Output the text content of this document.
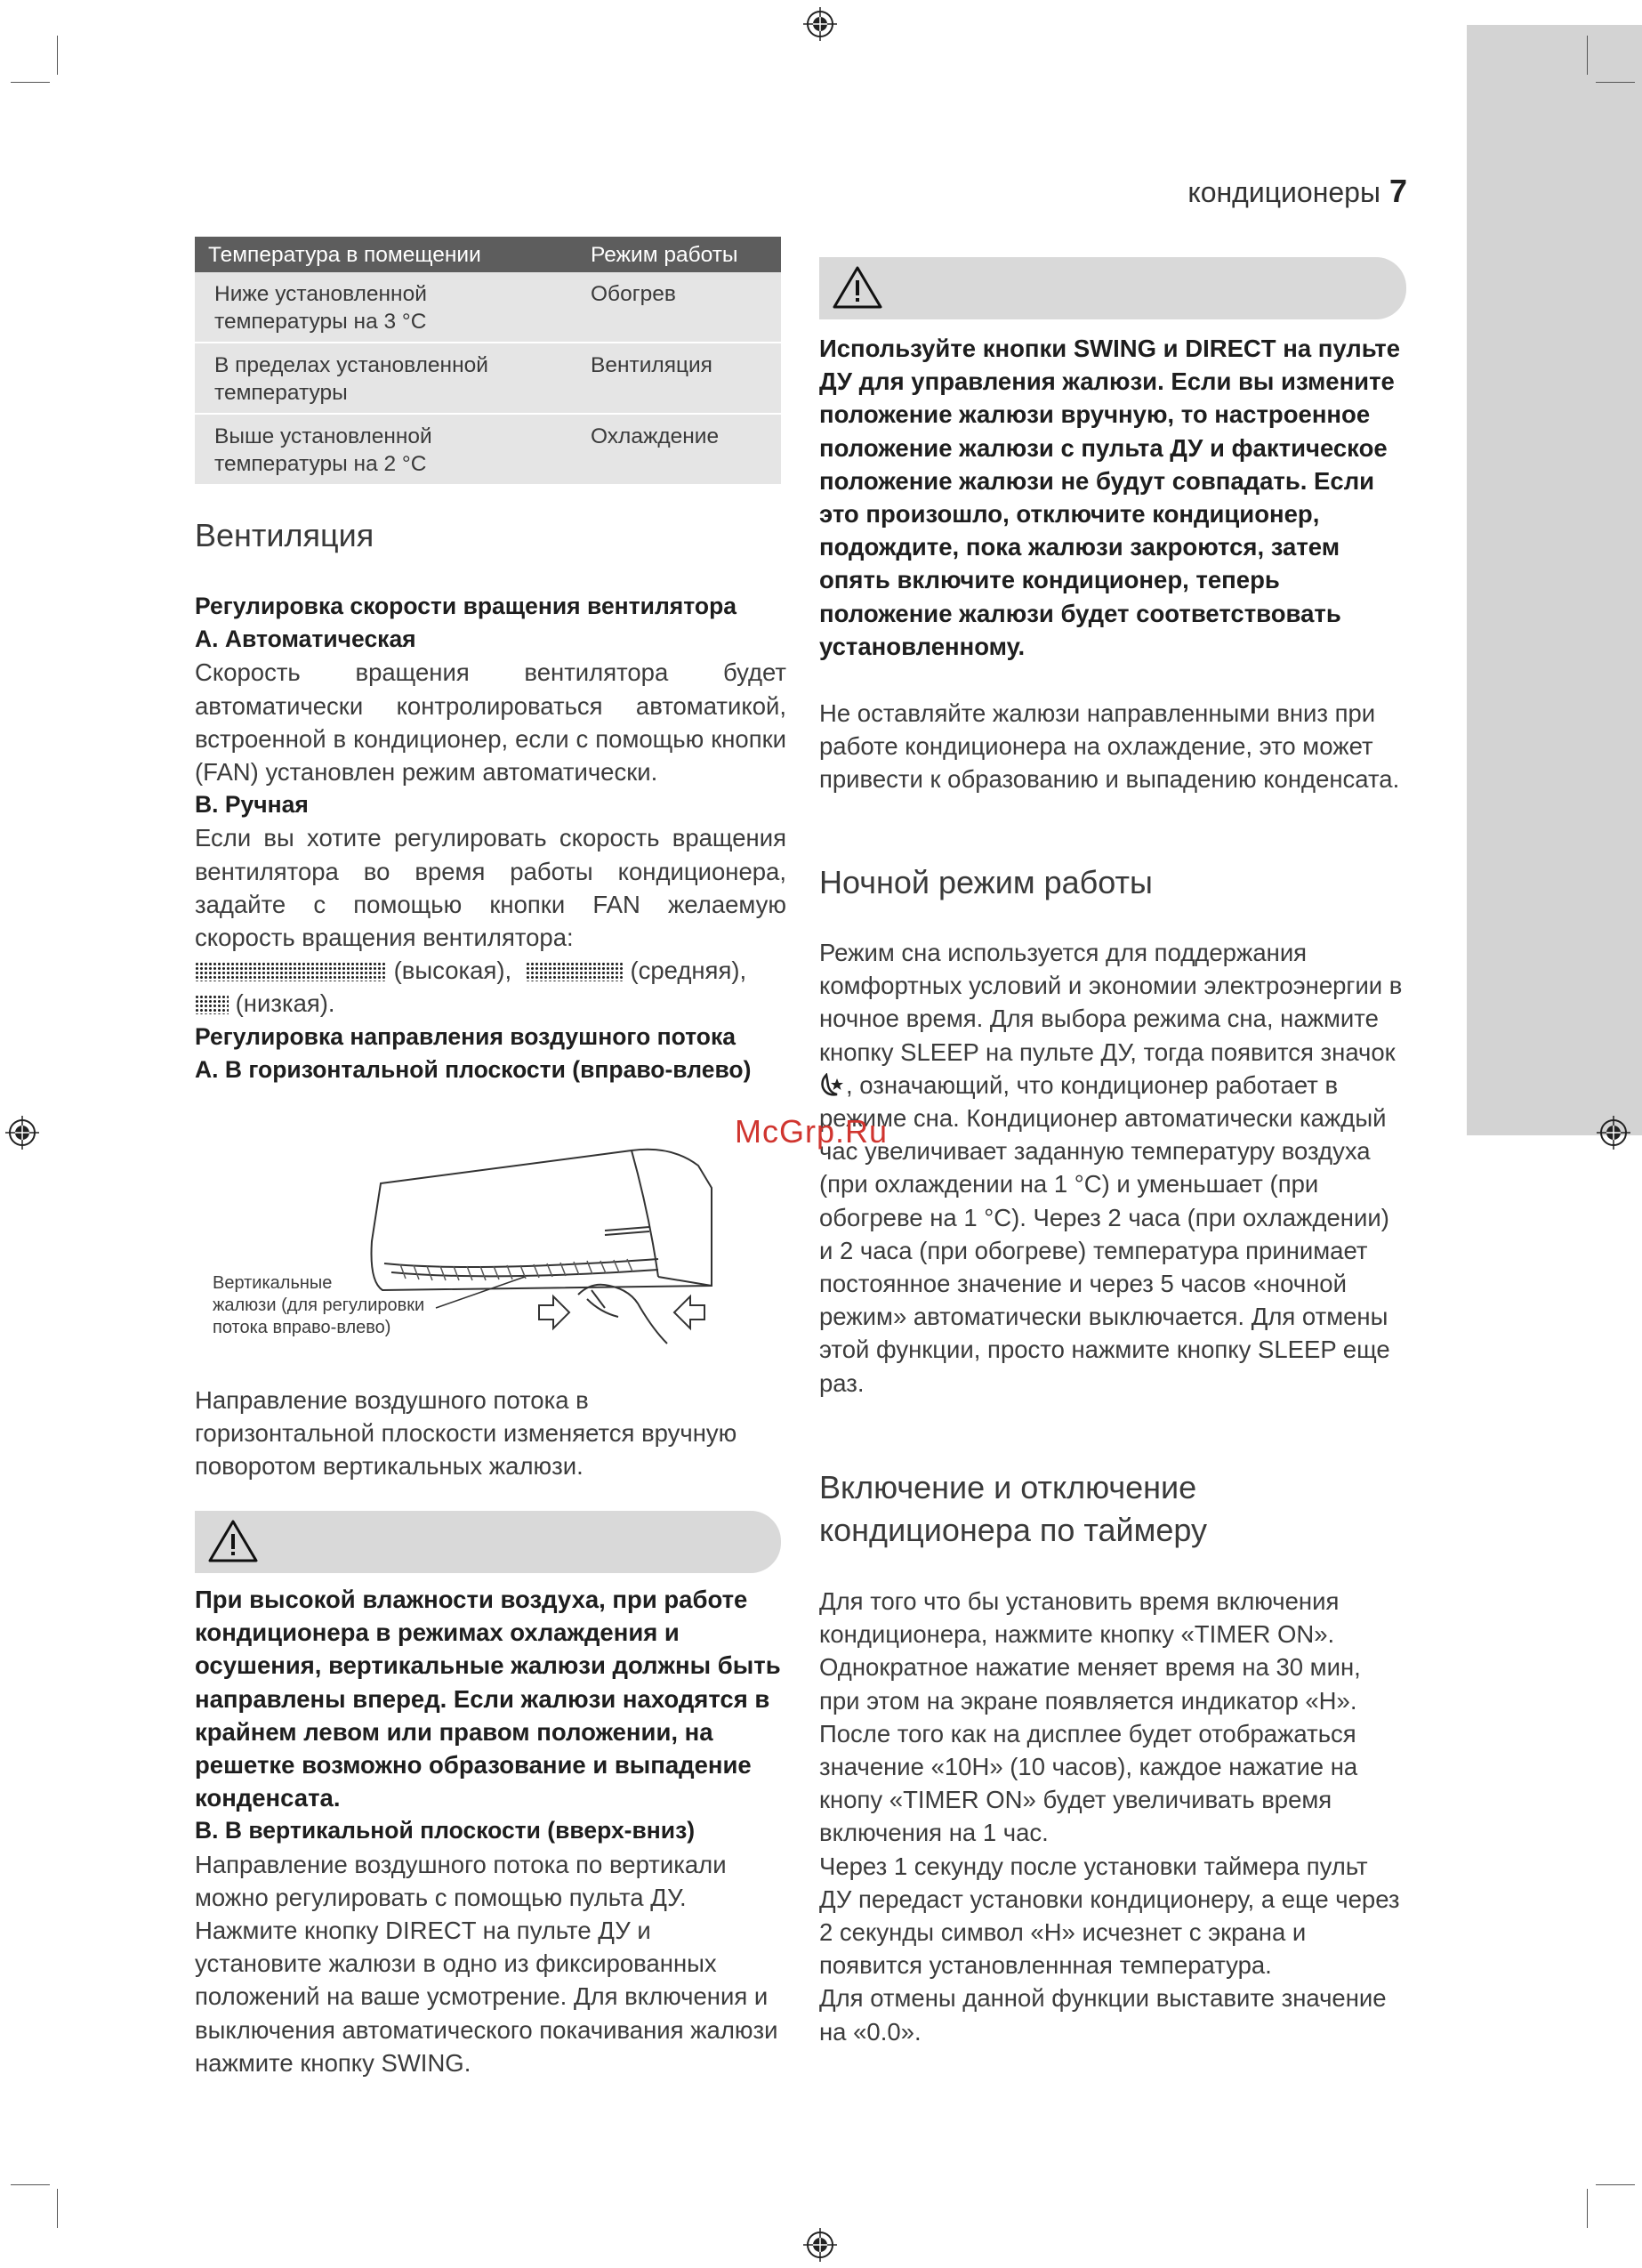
кондиционеры 7
Температура в помещении	Режим работы
Ниже установленной температуры на 3 °С	Обогрев
В пределах установленной температуры	Вентиляция
Выше установленной температуры на 2 °С	Охлаждение
Вентиляция
Регулировка скорости вращения вентилятора
А. Автоматическая
Скорость вращения вентилятора будет автоматически контролироваться автоматикой, встроенной в кондиционер, если с помощью кнопки (FAN) установлен режим автоматически.
В. Ручная
Если вы хотите регулировать скорость вращения вентилятора во время работы кондиционера, задайте с помощью кнопки FAN желаемую скорость вращения вентилятора:
(высокая),	(средняя),
(низкая).
Регулировка направления воздушного потока
А. В горизонтальной плоскости (вправо-влево)
Вертикальные
жалюзи (для регулировки
потока вправо-влево)
Направление воздушного потока в горизонтальной плоскости изменяется вручную поворотом вертикальных жалюзи.
При высокой влажности воздуха, при работе кондиционера в режимах охлаждения и осушения, вертикальные жалюзи должны быть направлены вперед. Если жалюзи находятся в крайнем левом или правом положении, на решетке возможно образование и выпадение конденсата.
В. В вертикальной плоскости (вверх-вниз)
Направление воздушного потока по вертикали можно регулировать с помощью пульта ДУ. Нажмите кнопку DIRECT на пульте ДУ и установите жалюзи в одно из фиксированных положений на ваше усмотрение. Для включения и выключения автоматического покачивания жалюзи нажмите кнопку SWING.
Используйте кнопки SWING и DIRECT на пульте ДУ для управления жалюзи. Если вы измените положение жалюзи вручную, то настроенное положение жалюзи с пульта ДУ и фактическое положение жалюзи не будут совпадать. Если это произошло, отключите кондиционер, подождите, пока жалюзи закроются, затем опять включите кондиционер, теперь положение жалюзи будет соответствовать установленному.
Не оставляйте жалюзи направленными вниз при работе кондиционера на охлаждение, это может привести к образованию и выпадению конденсата.
Ночной режим работы
Режим сна используется для поддержания комфортных условий и экономии электроэнергии в ночное время. Для выбора режима сна, нажмите кнопку SLEEP на пульте ДУ, тогда появится значок , означающий, что кондиционер работает в режиме сна. Кондиционер автоматически каждый час увеличивает заданную температуру воздуха (при охлаждении на 1 °С) и уменьшает (при обогреве на 1 °С). Через 2 часа (при охлаждении) и 2 часа (при обогреве) температура принимает постоянное значение и через 5 часов «ночной режим» автоматически выключается. Для отмены этой функции, просто нажмите кнопку SLEEP еще раз.
Включение и отключение кондиционера по таймеру
Для того что бы установить время включения кондиционера, нажмите кнопку «TIMER ON». Однократное нажатие меняет время на 30 мин, при этом на экране появляется индикатор «Н». После того как на дисплее будет отображаться значение «10Н» (10 часов), каждое нажатие на кнопу «TIMER ON» будет увеличивать время включения на 1 час.
Через 1 секунду после установки таймера пульт ДУ передаст установки кондиционеру, а еще через 2 секунды символ «Н» исчезнет с экрана и появится установленнная температура.
Для отмены данной функции выставите значение на «0.0».
McGrp.Ru
